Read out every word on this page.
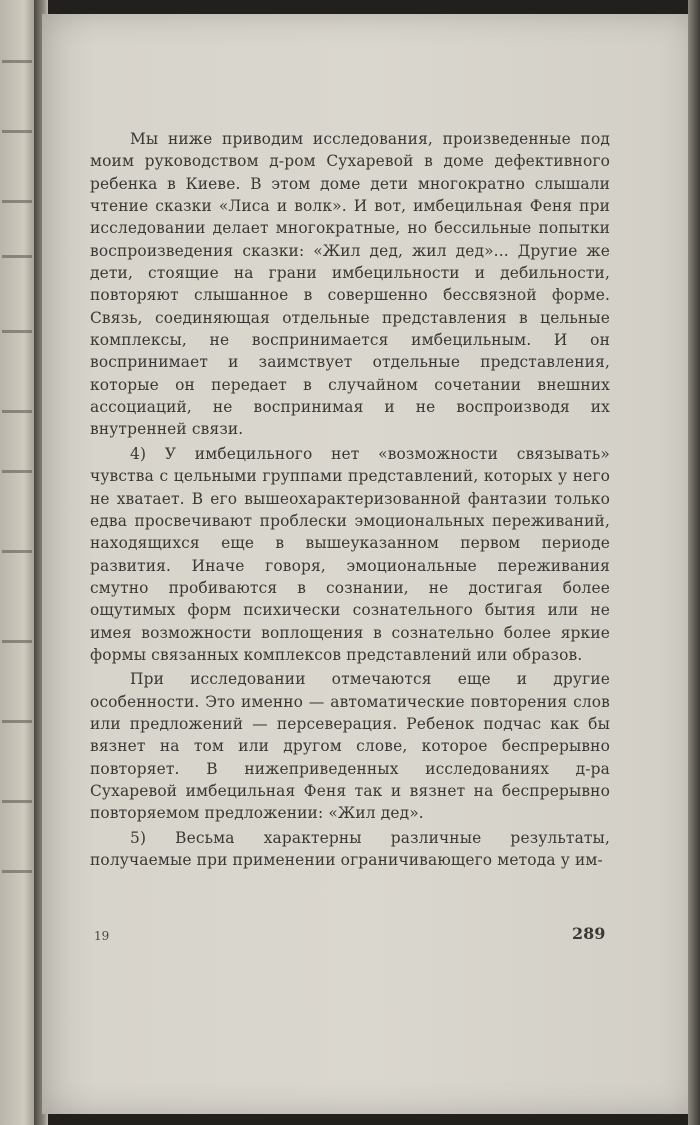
Мы ниже приводим исследования, произведенные под моим руководством д-ром Сухаревой в доме дефективного ребенка в Киеве. В этом доме дети многократно слышали чтение сказки «Лиса и волк». И вот, имбецильная Феня при исследовании делает многократные, но бессильные попытки воспроизведения сказки: «Жил дед, жил дед»... Другие же дети, стоящие на грани имбецильности и дебильности, повторяют слышанное в совершенно бессвязной форме. Связь, соединяющая отдельные представления в цельные комплексы, не воспринимается имбецильным. И он воспринимает и заимствует отдельные представления, которые он передает в случайном сочетании внешних ассоциаций, не воспринимая и не воспроизводя их внутренней связи.

4) У имбецильного нет «возможности связывать» чувства с цельными группами представлений, которых у него не хватает. В его вышеохарактеризованной фантазии только едва просвечивают проблески эмоциональных переживаний, находящихся еще в вышеуказанном первом периоде развития. Иначе говоря, эмоциональные переживания смутно пробиваются в сознании, не достигая более ощутимых форм психически сознательного бытия или не имея возможности воплощения в сознательно более яркие формы связанных комплексов представлений или образов.

При исследовании отмечаются еще и другие особенности. Это именно — автоматические повторения слов или предложений — персеверация. Ребенок подчас как бы вязнет на том или другом слове, которое беспрерывно повторяет. В нижеприведенных исследованиях д-ра Сухаревой имбецильная Феня так и вязнет на беспрерывно повторяемом предложении: «Жил дед».

5) Весьма характерны различные результаты, получаемые при применении ограничивающего метода у им-

19	289
